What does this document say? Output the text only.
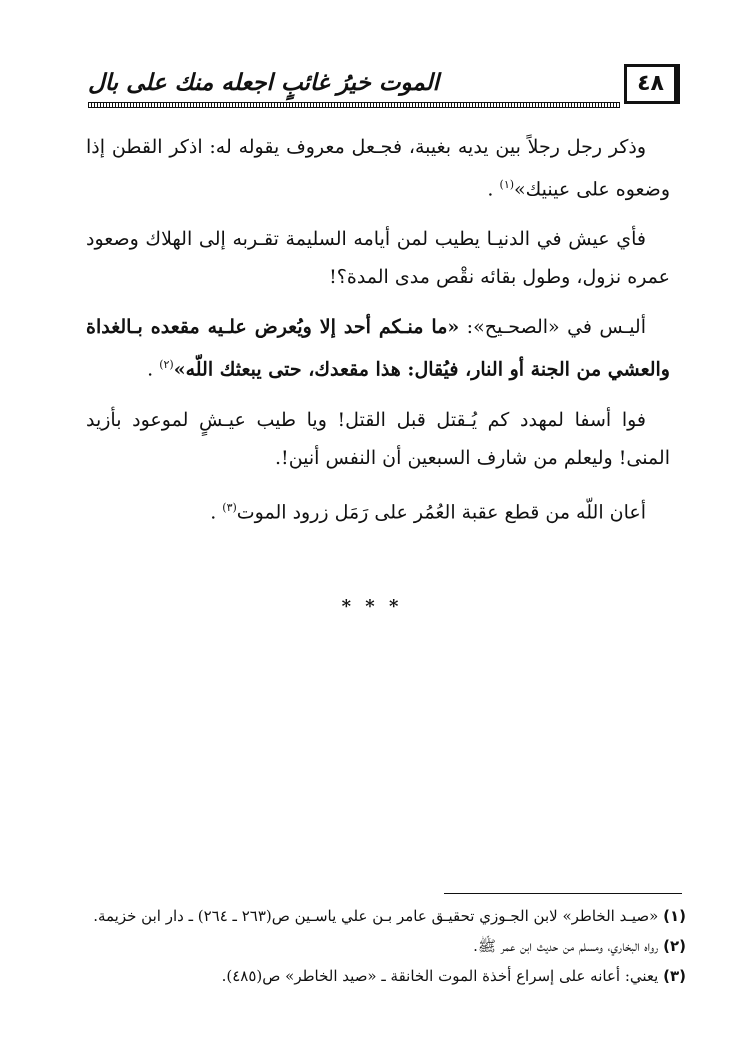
الموت خيرُ غائبٍ اجعله منك على بال	٤٨

وذكر رجل رجلاً بين يديه بغيبة، فجـعل معروف يقوله له: اذكر القطن إذا وضعوه على عينيك»$^{(١)}$ .

فأي عيش في الدنيـا يطيب لمن أيامه السليمة تقـربه إلى الهلاك وصعود عمره نزول، وطول بقائه نقْص مدى المدة؟!

أليـس في «الصحـيح»: «ما منـكم أحد إلا ويُعرض علـيه مقعده بـالغداة والعشي من الجنة أو النار، فيُقال: هذا مقعدك، حتى يبعثك اللّه»$^{(٢)}$ .

فوا أسفا لمهدد كم يُـقتل قبل القتل! ويا طيب عيـشٍ لموعود بأزيد المنى! وليعلم من شارف السبعين أن النفس أنين!.

أعان اللّه من قطع عقبة العُمُر على رَمَل زرود الموت$^{(٣)}$ .

* * *

(١) «صيـد الخاطر» لابن الجـوزي تحقيـق عامر بـن علي ياسـين ص(٢٦٣ ـ ٢٦٤) ـ دار ابن خزيمة.

(٢) رواه البخاري، ومسلم من حديث ابن عمر ﷺ.

(٣) يعني: أعانه على إسراع أخذة الموت الخانقة ـ «صيد الخاطر» ص(٤٨٥).
